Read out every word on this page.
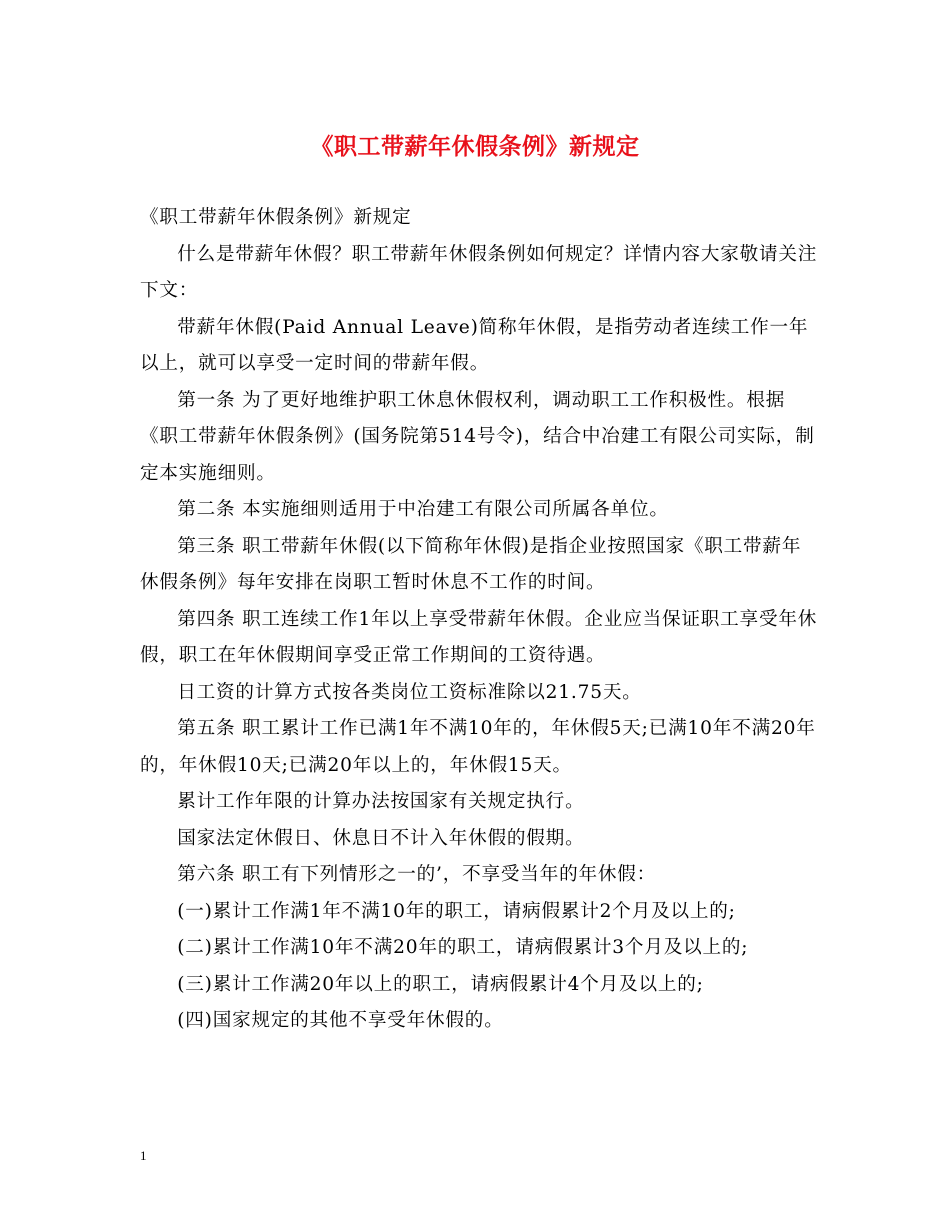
《职工带薪年休假条例》新规定

《职工带薪年休假条例》新规定

什么是带薪年休假？职工带薪年休假条例如何规定？详情内容大家敬请关注下文：

带薪年休假(Paid Annual Leave)简称年休假，是指劳动者连续工作一年以上，就可以享受一定时间的带薪年假。

第一条 为了更好地维护职工休息休假权利，调动职工工作积极性。根据《职工带薪年休假条例》(国务院第514号令)，结合中冶建工有限公司实际，制定本实施细则。

第二条 本实施细则适用于中冶建工有限公司所属各单位。

第三条 职工带薪年休假(以下简称年休假)是指企业按照国家《职工带薪年休假条例》每年安排在岗职工暂时休息不工作的时间。

第四条 职工连续工作1年以上享受带薪年休假。企业应当保证职工享受年休假，职工在年休假期间享受正常工作期间的工资待遇。

日工资的计算方式按各类岗位工资标准除以21.75天。

第五条 职工累计工作已满1年不满10年的，年休假5天;已满10年不满20年的，年休假10天;已满20年以上的，年休假15天。

累计工作年限的计算办法按国家有关规定执行。

国家法定休假日、休息日不计入年休假的假期。

第六条 职工有下列情形之一的’，不享受当年的年休假：

(一)累计工作满1年不满10年的职工，请病假累计2个月及以上的;

(二)累计工作满10年不满20年的职工，请病假累计3个月及以上的;

(三)累计工作满20年以上的职工，请病假累计4个月及以上的;

(四)国家规定的其他不享受年休假的。

1
